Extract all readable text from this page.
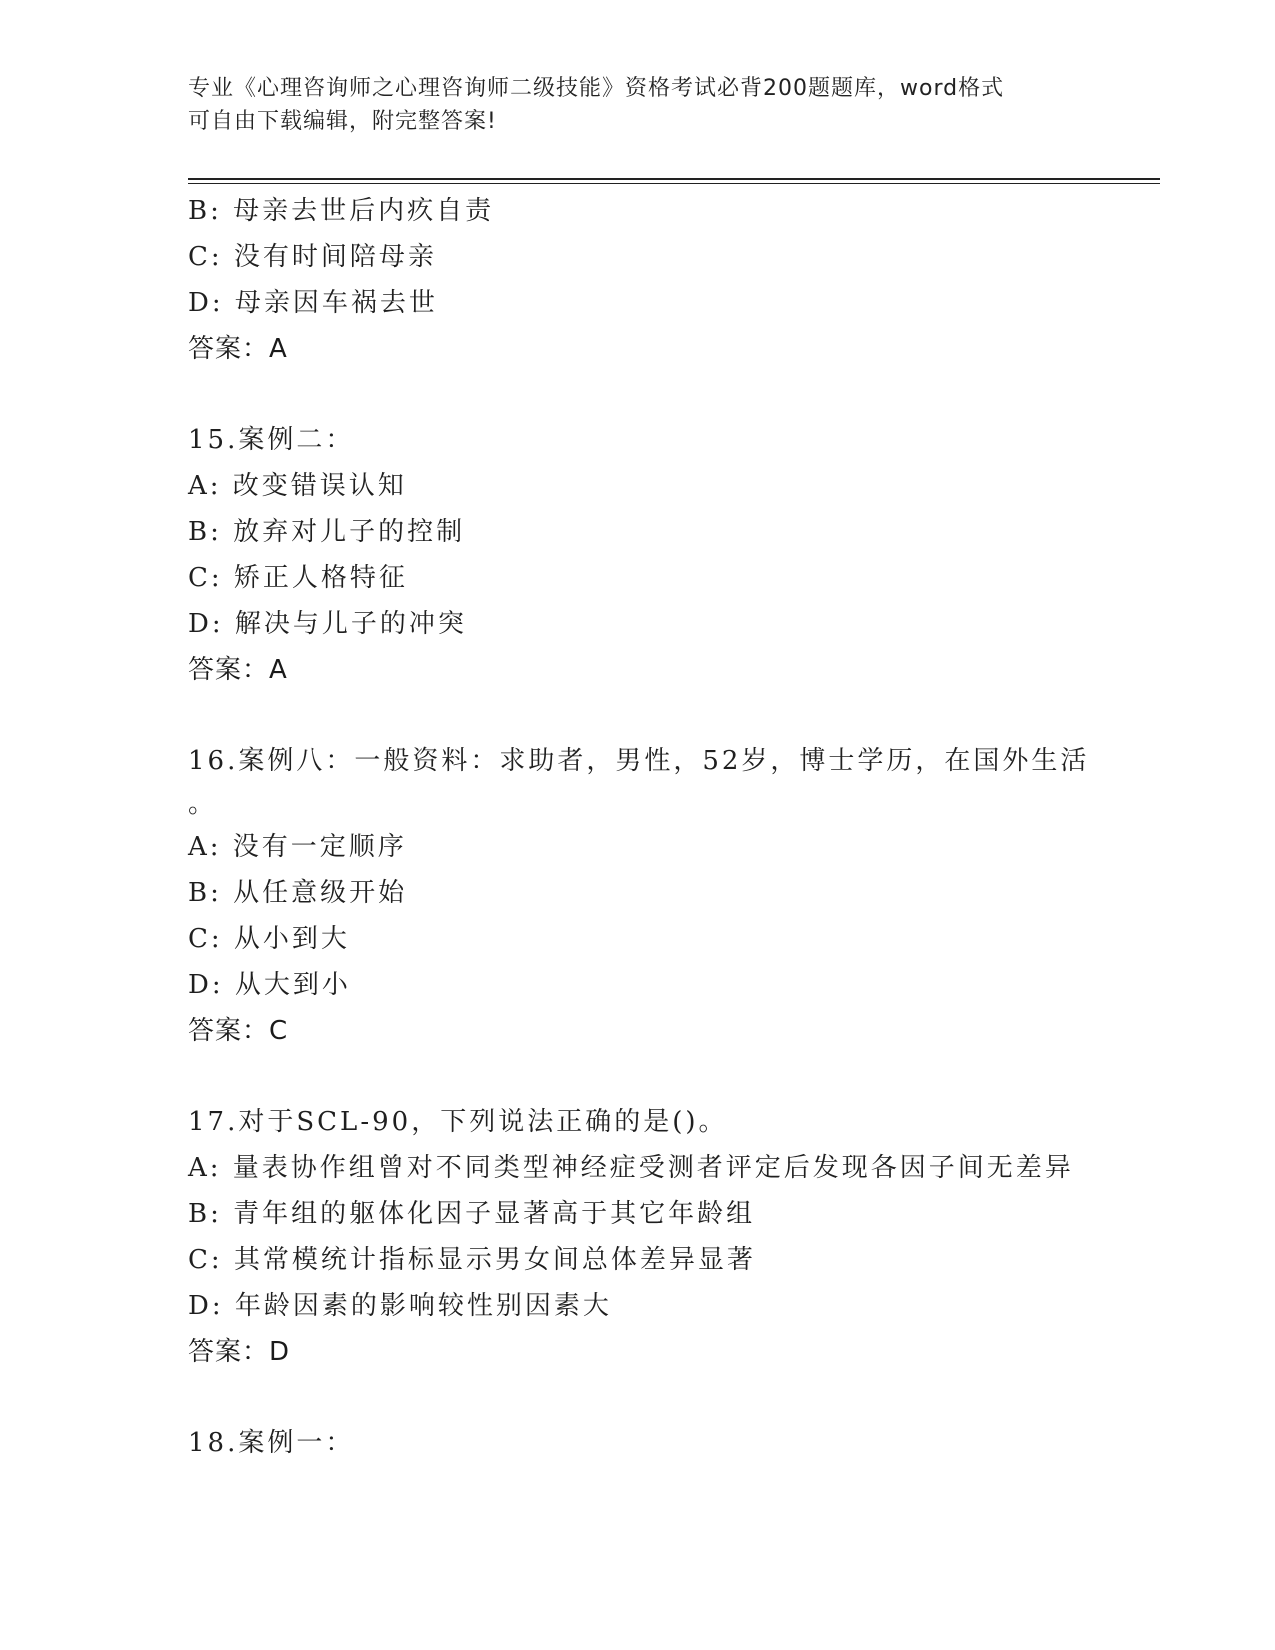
专业《心理咨询师之心理咨询师二级技能》资格考试必背200题题库，word格式
可自由下载编辑，附完整答案!
B: 母亲去世后内疚自责
C: 没有时间陪母亲
D: 母亲因车祸去世
答案：A
15.案例二：
A: 改变错误认知
B: 放弃对儿子的控制
C: 矫正人格特征
D: 解决与儿子的冲突
答案：A
16.案例八：一般资料：求助者，男性，52岁，博士学历，在国外生活
。
A: 没有一定顺序
B: 从任意级开始
C: 从小到大
D: 从大到小
答案：C
17.对于SCL-90，下列说法正确的是()。
A: 量表协作组曾对不同类型神经症受测者评定后发现各因子间无差异
B: 青年组的躯体化因子显著高于其它年龄组
C: 其常模统计指标显示男女间总体差异显著
D: 年龄因素的影响较性别因素大
答案：D
18.案例一：
